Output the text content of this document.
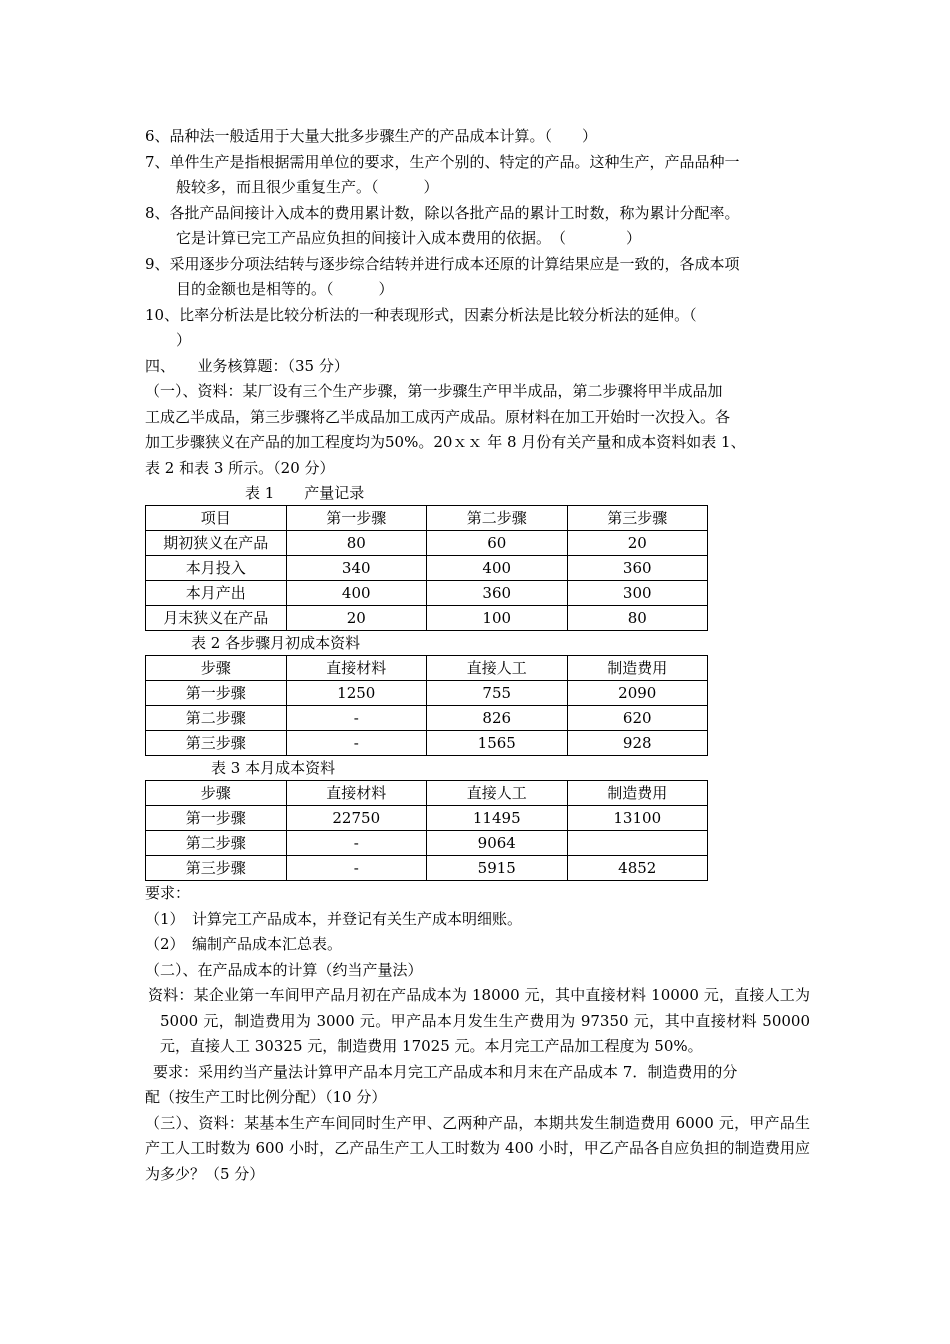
6、品种法一般适用于大量大批多步骤生产的产品成本计算。（　　）

7、单件生产是指根据需用单位的要求，生产个别的、特定的产品。这种生产，产品品种一
般较多，而且很少重复生产。（　　　）

8、各批产品间接计入成本的费用累计数，除以各批产品的累计工时数，称为累计分配率。
它是计算已完工产品应负担的间接计入成本费用的依据。　（　　　　）

9、采用逐步分项法结转与逐步综合结转并进行成本还原的计算结果应是一致的，各成本项
目的金额也是相等的。（　　　）

10、比率分析法是比较分析法的一种表现形式，因素分析法是比较分析法的延伸。（
）

四、　　业务核算题：（35 分）

（一）、资料：某厂设有三个生产步骤，第一步骤生产甲半成品，第二步骤将甲半成品加
工成乙半成品，第三步骤将乙半成品加工成丙产成品。原材料在加工开始时一次投入。各
加工步骤狭义在产品的加工程度均为50%。20ｘｘ 年 8 月份有关产量和成本资料如表 1、
表 2 和表 3 所示。（20 分）

表 1　　产量记录

项目	第一步骤	第二步骤	第三步骤
期初狭义在产品	80	60	20
本月投入	340	400	360
本月产出	400	360	300
月末狭义在产品	20	100	80

表 2 各步骤月初成本资料

步骤	直接材料	直接人工	制造费用
第一步骤	1250	755	2090
第二步骤	-	826	620
第三步骤	-	1565	928

表 3 本月成本资料

步骤	直接材料	直接人工	制造费用
第一步骤	22750	11495	13100
第二步骤	-	9064	
第三步骤	-	5915	4852

要求：

（1）　计算完工产品成本，并登记有关生产成本明细账。

（2）　编制产品成本汇总表。

（二）、在产品成本的计算（约当产量法）

资料：某企业第一车间甲产品月初在产品成本为 18000 元，其中直接材料 10000 元，直接人工为 5000 元，制造费用为 3000 元。甲产品本月发生生产费用为 97350 元，其中直接材料 50000 元，直接人工 30325 元，制造费用 17025 元。本月完工产品加工程度为 50%。

要求：采用约当产量法计算甲产品本月完工产品成本和月末在产品成本 7．制造费用的分
配（按生产工时比例分配）（10 分）

（三）、资料：某基本生产车间同时生产甲、乙两种产品，本期共发生制造费用 6000 元，甲产品生产工人工时数为 600 小时，乙产品生产工人工时数为 400 小时，甲乙产品各自应负担的制造费用应为多少？（5 分）
